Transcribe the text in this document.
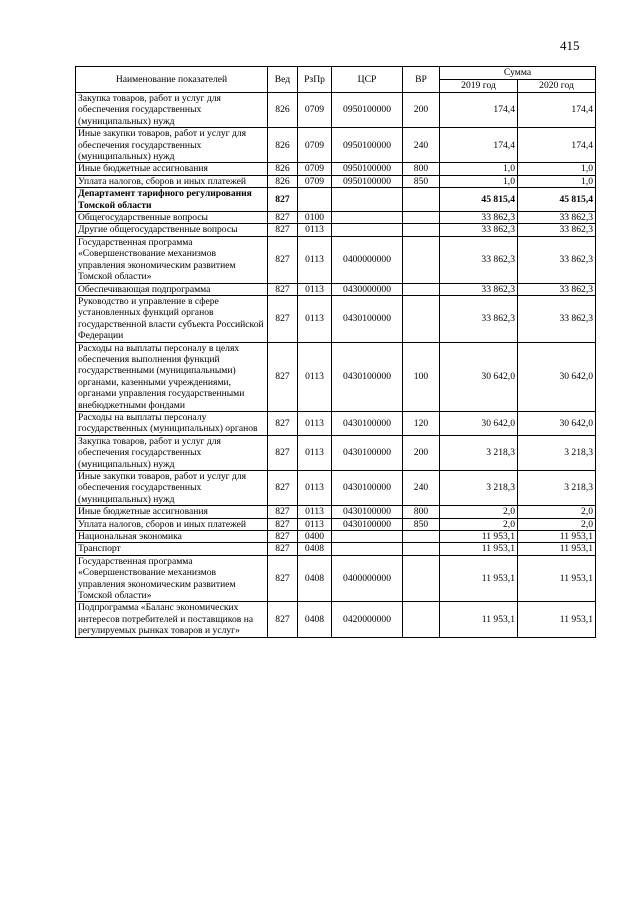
415
Наименование показателей	Вед	РзПр	ЦСР	ВР	Сумма	
					2019 год	2020 год
Закупка товаров, работ и услуг для обеспечения государственных (муниципальных) нужд	826	0709	0950100000	200	174,4	174,4
Иные закупки товаров, работ и услуг для обеспечения государственных (муниципальных) нужд	826	0709	0950100000	240	174,4	174,4
Иные бюджетные ассигнования	826	0709	0950100000	800	1,0	1,0
Уплата налогов, сборов и иных платежей	826	0709	0950100000	850	1,0	1,0
Департамент тарифного регулирования Томской области	827				45 815,4	45 815,4
Общегосударственные вопросы	827	0100			33 862,3	33 862,3
Другие общегосударственные вопросы	827	0113			33 862,3	33 862,3
Государственная программа «Совершенствование механизмов управления экономическим развитием Томской области»	827	0113	0400000000		33 862,3	33 862,3
Обеспечивающая подпрограмма	827	0113	0430000000		33 862,3	33 862,3
Руководство и управление в сфере установленных функций органов государственной власти субъекта Российской Федерации	827	0113	0430100000		33 862,3	33 862,3
Расходы на выплаты персоналу в целях обеспечения выполнения функций государственными (муниципальными) органами, казенными учреждениями, органами управления государственными внебюджетными фондами	827	0113	0430100000	100	30 642,0	30 642,0
Расходы на выплаты персоналу государственных (муниципальных) органов	827	0113	0430100000	120	30 642,0	30 642,0
Закупка товаров, работ и услуг для обеспечения государственных (муниципальных) нужд	827	0113	0430100000	200	3 218,3	3 218,3
Иные закупки товаров, работ и услуг для обеспечения государственных (муниципальных) нужд	827	0113	0430100000	240	3 218,3	3 218,3
Иные бюджетные ассигнования	827	0113	0430100000	800	2,0	2,0
Уплата налогов, сборов и иных платежей	827	0113	0430100000	850	2,0	2,0
Национальная экономика	827	0400			11 953,1	11 953,1
Транспорт	827	0408			11 953,1	11 953,1
Государственная программа «Совершенствование механизмов управления экономическим развитием Томской области»	827	0408	0400000000		11 953,1	11 953,1
Подпрограмма «Баланс экономических интересов потребителей и поставщиков на регулируемых рынках товаров и услуг»	827	0408	0420000000		11 953,1	11 953,1
